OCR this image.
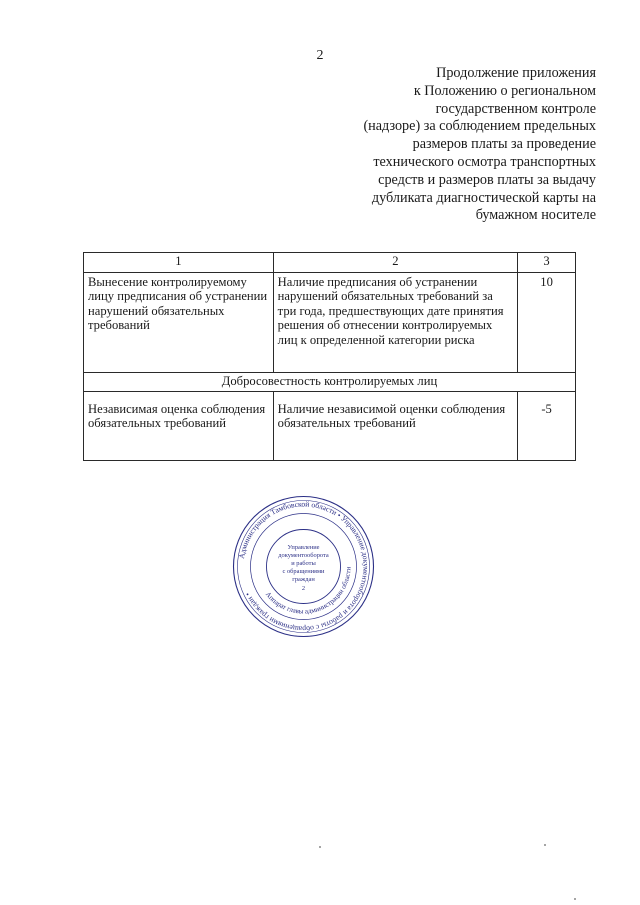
2
Продолжение приложения
к Положению о региональном
государственном контроле
(надзоре) за соблюдением предельных
размеров платы за проведение
технического осмотра транспортных
средств и размеров платы за выдачу
дубликата диагностической карты на
бумажном носителе
1	2	3
Вынесение контролируемому лицу предписания об устранении нарушений обязательных требований	Наличие предписания об устранении нарушений обязательных требований за три года, предшествующих дате принятия решения об отнесении контролируемых лиц к определенной категории риска	10
Добросовестность контролируемых лиц		
Независимая оценка соблюдения обязательных требований	Наличие независимой оценки соблюдения обязательных требований	-5
Администрация Тамбовской области • Управление документооборота и работы с обращениями граждан •	Аппарат главы администрации области
Управление
документооборота
и работы
с обращениями
граждан
2
